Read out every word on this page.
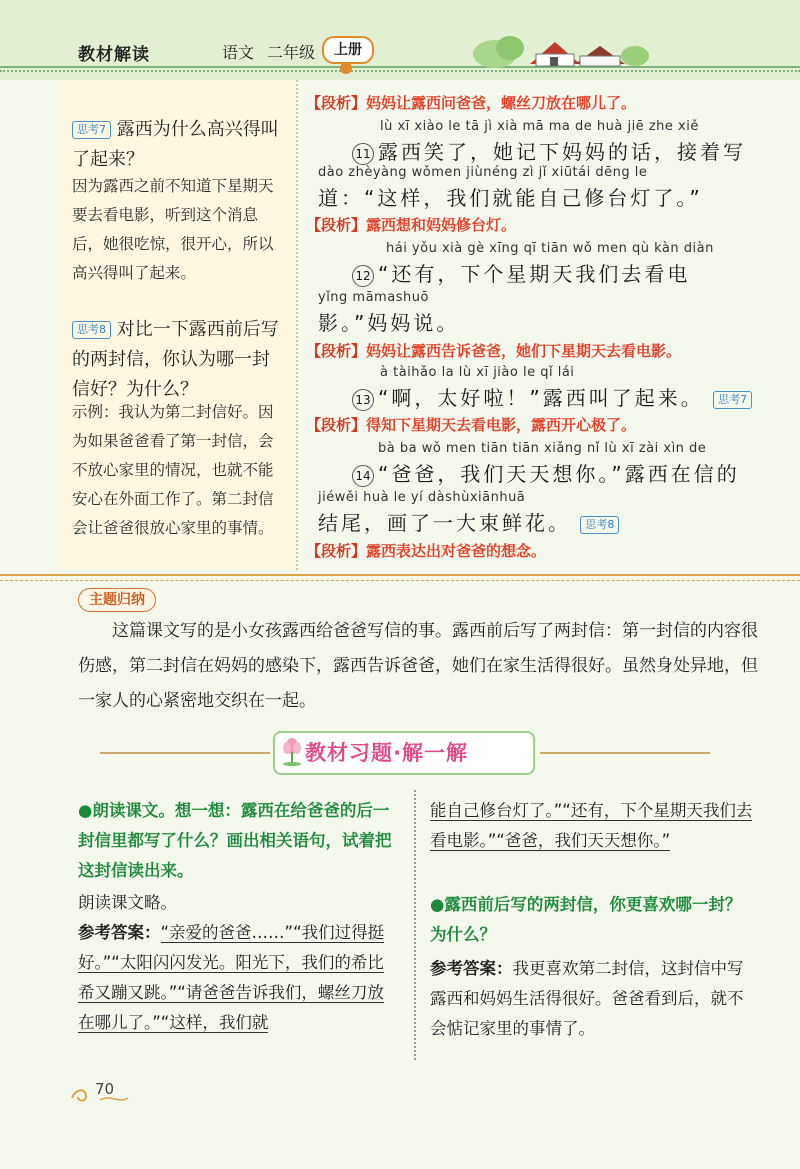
教材解读	语文 二年级	上册
思考7 露西为什么高兴得叫了起来？
因为露西之前不知道下星期天要去看电影，听到这个消息后，她很吃惊，很开心，所以高兴得叫了起来。
思考8 对比一下露西前后写的两封信，你认为哪一封信好？为什么？
示例：我认为第二封信好。因为如果爸爸看了第一封信，会不放心家里的情况，也就不能安心在外面工作了。第二封信会让爸爸很放心家里的事情。
【段析】妈妈让露西问爸爸，螺丝刀放在哪儿了。
lù xī xiào le tā jì xià mā ma de huà jiē zhe xiě
11 露西笑了，她记下妈妈的话，接着写
dào zhèyàng wǒmen jiùnéng zì jǐ xiūtái dēng le
道：“这样，我们就能自己修台灯了。”
【段析】露西想和妈妈修台灯。
hái yǒu xià gè xīng qī tiān wǒ men qù kàn diàn
12 “还有，下个星期天我们去看电
yǐng māmashuō
影。”妈妈说。
【段析】妈妈让露西告诉爸爸，她们下星期天去看电影。
à tàihǎo la lù xī jiào le qǐ lái
13 “啊，太好啦！”露西叫了起来。 思考7
【段析】得知下星期天去看电影，露西开心极了。
bà ba wǒ men tiān tiān xiǎng nǐ lù xī zài xìn de
14 “爸爸，我们天天想你。”露西在信的
jiéwěi huà le yí dàshùxiānhuā
结尾，画了一大束鲜花。 思考8
【段析】露西表达出对爸爸的想念。
主题归纳
这篇课文写的是小女孩露西给爸爸写信的事。露西前后写了两封信：第一封信的内容很伤感，第二封信在妈妈的感染下，露西告诉爸爸，她们在家生活得很好。虽然身处异地，但一家人的心紧密地交织在一起。
教材习题·解一解
●朗读课文。想一想：露西在给爸爸的后一封信里都写了什么？画出相关语句，试着把这封信读出来。
朗读课文略。
参考答案：“亲爱的爸爸……”“我们过得挺好。”“太阳闪闪发光。阳光下，我们的希比希又蹦又跳。”“请爸爸告诉我们，螺丝刀放在哪儿了。”“这样，我们就
能自己修台灯了。”“还有，下个星期天我们去看电影。”“爸爸，我们天天想你。”
●露西前后写的两封信，你更喜欢哪一封？为什么？
参考答案：我更喜欢第二封信，这封信中写露西和妈妈生活得很好。爸爸看到后，就不会惦记家里的事情了。
70
